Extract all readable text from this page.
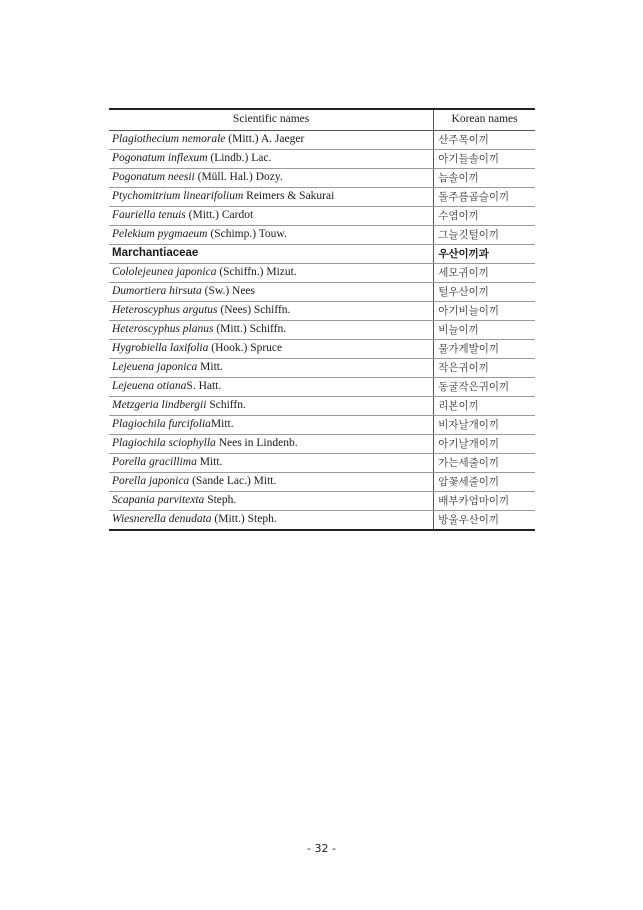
Scientific names	Korean names
Plagiothecium nemorale (Mitt.) A. Jaeger	산주목이끼
Pogonatum inflexum (Lindb.) Lac.	아기들솔이끼
Pogonatum neesii (Müll. Hal.) Dozy.	늠솔이끼
Ptychomitrium linearifolium Reimers & Sakurai	돌주름곱슬이끼
Fauriella tenuis (Mitt.) Cardot	수염이끼
Pelekium pygmaeum (Schimp.) Touw.	그늘깃털이끼
Marchantiaceae	우산이끼과
Cololejeunea japonica (Schiffn.) Mizut.	세모귀이끼
Dumortiera hirsuta (Sw.) Nees	털우산이끼
Heteroscyphus argutus (Nees) Schiffn.	아기비늘이끼
Heteroscyphus planus (Mitt.) Schiffn.	비늘이끼
Hygrobiella laxifolia (Hook.) Spruce	물가게발이끼
Lejeuena japonica Mitt.	작은귀이끼
Lejeuena otianaS. Hatt.	동굴작은귀이끼
Metzgeria lindbergii Schiffn.	리본이끼
Plagiochila furcifoliaMitt.	비자날개이끼
Plagiochila sciophylla Nees in Lindenb.	아기날개이끼
Porella gracillima Mitt.	가는세줄이끼
Porella japonica (Sande Lac.) Mitt.	암꽃세줄이끼
Scapania parvitexta Steph.	배부카엄마이끼
Wiesnerella denudata (Mitt.) Steph.	방울우산이끼
- 32 -
